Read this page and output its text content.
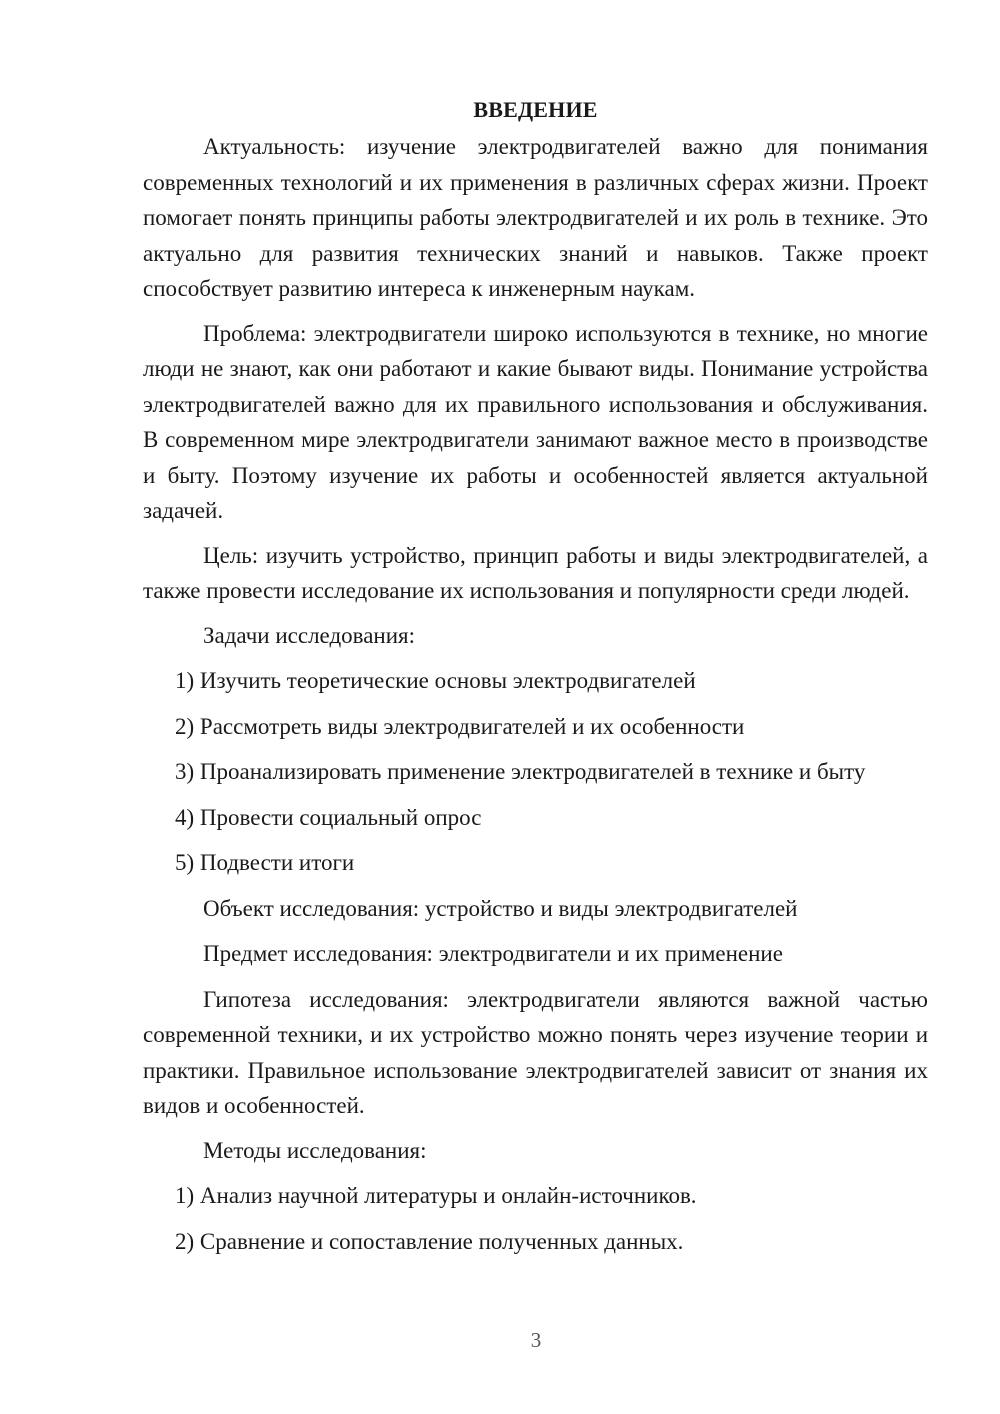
ВВЕДЕНИЕ

Актуальность: изучение электродвигателей важно для понимания современных технологий и их применения в различных сферах жизни. Проект помогает понять принципы работы электродвигателей и их роль в технике. Это актуально для развития технических знаний и навыков. Также проект способствует развитию интереса к инженерным наукам.

Проблема: электродвигатели широко используются в технике, но многие люди не знают, как они работают и какие бывают виды. Понимание устройства электродвигателей важно для их правильного использования и обслуживания. В современном мире электродвигатели занимают важное место в производстве и быту. Поэтому изучение их работы и особенностей является актуальной задачей.

Цель: изучить устройство, принцип работы и виды электродвигателей, а также провести исследование их использования и популярности среди людей.

Задачи исследования:

1) Изучить теоретические основы электродвигателей
2) Рассмотреть виды электродвигателей и их особенности
3) Проанализировать применение электродвигателей в технике и быту
4) Провести социальный опрос
5) Подвести итоги

Объект исследования: устройство и виды электродвигателей

Предмет исследования: электродвигатели и их применение

Гипотеза исследования: электродвигатели являются важной частью современной техники, и их устройство можно понять через изучение теории и практики. Правильное использование электродвигателей зависит от знания их видов и особенностей.

Методы исследования:

1) Анализ научной литературы и онлайн-источников.
2) Сравнение и сопоставление полученных данных.
3
